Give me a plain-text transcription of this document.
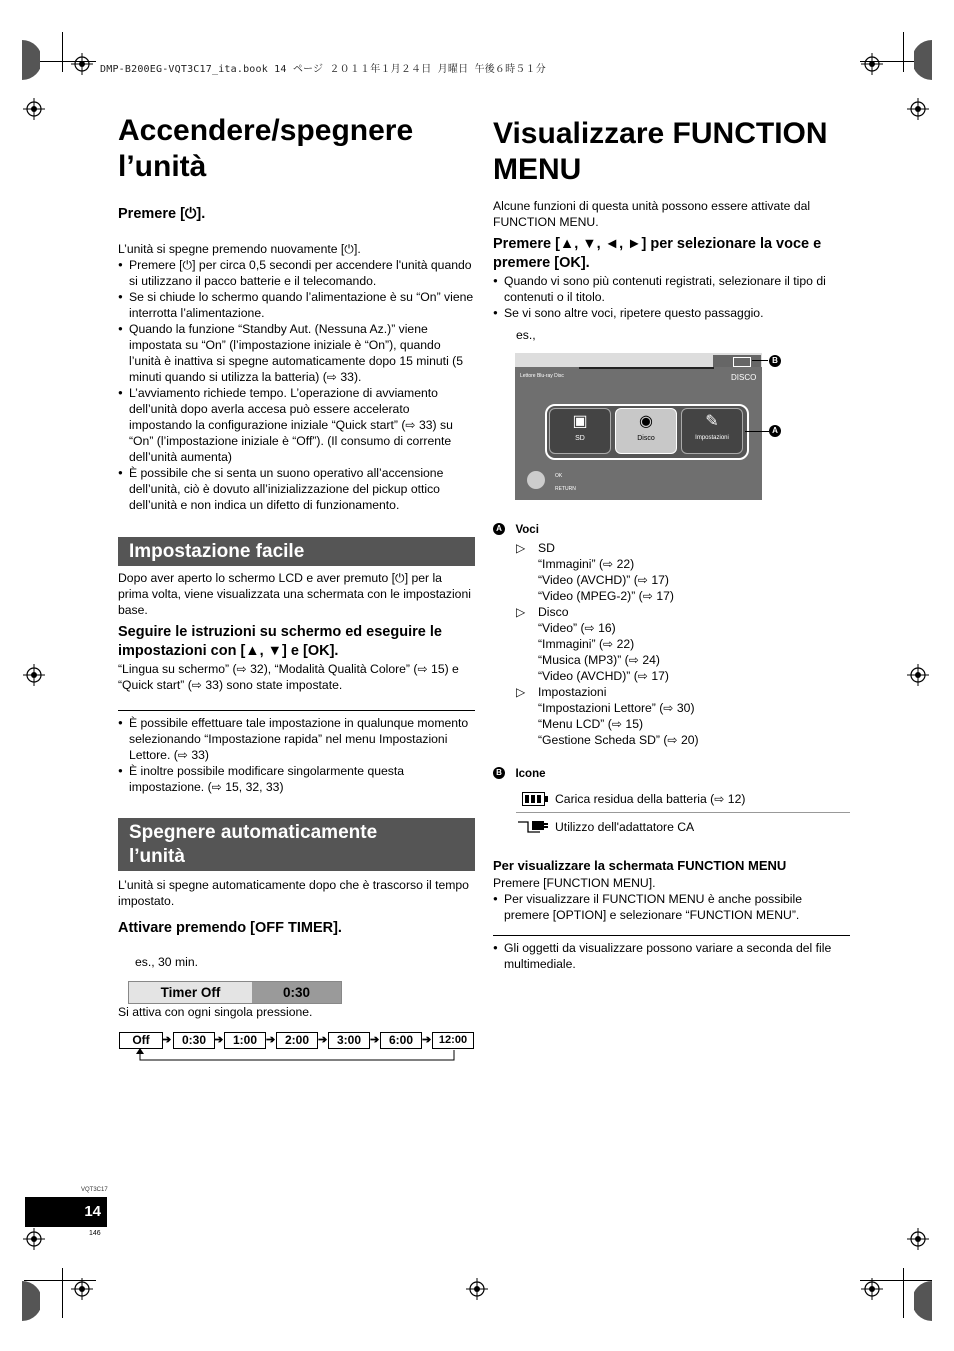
DMP-B200EG-VQT3C17_ita.book 14 ページ ２０１１年１月２４日 月曜日 午後６時５１分
Accendere/spegnere
l’unità
Premere [⏻].
L’unità si spegne premendo nuovamente [⏻].
● Premere [⏻] per circa 0,5 secondi per accendere l'unità quando si utilizzano il pacco batterie e il telecomando.
● Se si chiude lo schermo quando l’alimentazione è su “On” viene interrotta l’alimentazione.
● Quando la funzione “Standby Aut. (Nessuna Az.)” viene impostata su “On” (l’impostazione iniziale è “On”), quando l’unità è inattiva si spegne automaticamente dopo 15 minuti (5 minuti quando si utilizza la batteria) (⇨ 33).
● L’avviamento richiede tempo. L’operazione di avviamento dell’unità dopo averla accesa può essere accelerato impostando la configurazione iniziale “Quick start” (⇨ 33) su “On” (l’impostazione iniziale è “Off”). (Il consumo di corrente dell’unità aumenta)
● È possibile che si senta un suono operativo all’accensione dell’unità, ciò è dovuto all’inizializzazione del pickup ottico dell’unità e non indica un difetto di funzionamento.
Impostazione facile
Dopo aver aperto lo schermo LCD e aver premuto [⏻] per la prima volta, viene visualizzata una schermata con le impostazioni base.
Seguire le istruzioni su schermo ed eseguire le impostazioni con [▲, ▼] e [OK].
“Lingua su schermo” (⇨ 32), “Modalità Qualità Colore” (⇨ 15) e “Quick start” (⇨ 33) sono state impostate.
● È possibile effettuare tale impostazione in qualunque momento selezionando “Impostazione rapida” nel menu Impostazioni Lettore. (⇨ 33)
● È inoltre possibile modificare singolarmente questa impostazione. (⇨ 15, 32, 33)
Spegnere automaticamente
l’unità
L’unità si spegne automaticamente dopo che è trascorso il tempo impostato.
Attivare premendo [OFF TIMER].
es., 30 min.
Timer Off	0:30
Si attiva con ogni singola pressione.
Off	➔ 0:30 ➔ 1:00 ➔ 2:00 ➔ 3:00 ➔ 6:00 ➔ 12:00
Visualizzare FUNCTION
MENU
Alcune funzioni di questa unità possono essere attivate dal FUNCTION MENU.
Premere [▲, ▼, ◄, ►] per selezionare la voce e premere [OK].
● Quando vi sono più contenuti registrati, selezionare il tipo di contenuti o il titolo.
● Se vi sono altre voci, ripetere questo passaggio.
es.,
Lettore Blu-ray Disc	DISCO
▣
SD
◉
Disco
✎
Impostazioni
OK
RETURN
B
A
A Voci
▷ SD
“Immagini” (⇨ 22)
“Video (AVCHD)” (⇨ 17)
“Video (MPEG-2)” (⇨ 17)
▷ Disco
“Video” (⇨ 16)
“Immagini” (⇨ 22)
“Musica (MP3)” (⇨ 24)
“Video (AVCHD)” (⇨ 17)
▷ Impostazioni
“Impostazioni Lettore” (⇨ 30)
“Menu LCD” (⇨ 15)
“Gestione Scheda SD” (⇨ 20)
B Icone
Carica residua della batteria (⇨ 12)
Utilizzo dell'adattatore CA
Per visualizzare la schermata FUNCTION MENU
Premere [FUNCTION MENU].
● Per visualizzare il FUNCTION MENU è anche possibile premere [OPTION] e selezionare “FUNCTION MENU”.
● Gli oggetti da visualizzare possono variare a seconda del file multimediale.
VQT3C17
14
146
